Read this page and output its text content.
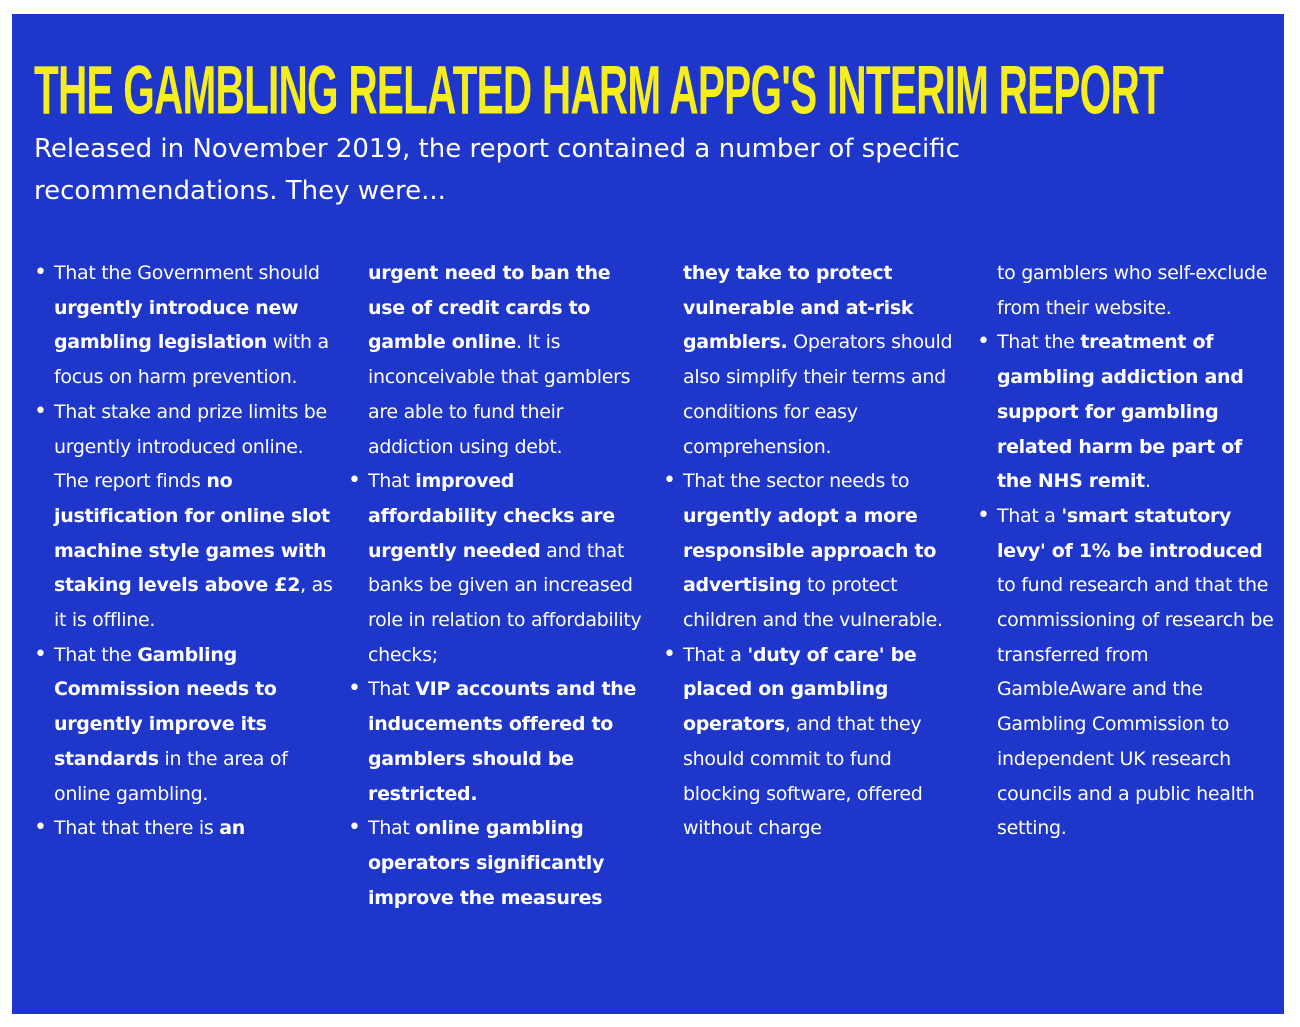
THE GAMBLING RELATED HARM APPG'S INTERIM REPORT

Released in November 2019, the report contained a number of specific recommendations. They were...

• That the Government should urgently introduce new gambling legislation with a focus on harm prevention.

• That stake and prize limits be urgently introduced online. The report finds no justification for online slot machine style games with staking levels above £2, as it is offline.

• That the Gambling Commission needs to urgently improve its standards in the area of online gambling.

• That that there is an

urgent need to ban the use of credit cards to gamble online. It is inconceivable that gamblers are able to fund their addiction using debt.

• That improved affordability checks are urgently needed and that banks be given an increased role in relation to affordability checks;

• That VIP accounts and the inducements offered to gamblers should be restricted.

• That online gambling operators significantly improve the measures

they take to protect vulnerable and at-risk gamblers. Operators should also simplify their terms and conditions for easy comprehension.

• That the sector needs to urgently adopt a more responsible approach to advertising to protect children and the vulnerable.

• That a 'duty of care' be placed on gambling operators, and that they should commit to fund blocking software, offered without charge

to gamblers who self-exclude from their website.

• That the treatment of gambling addiction and support for gambling related harm be part of the NHS remit.

• That a 'smart statutory levy' of 1% be introduced to fund research and that the commissioning of research be transferred from GambleAware and the Gambling Commission to independent UK research councils and a public health setting.
